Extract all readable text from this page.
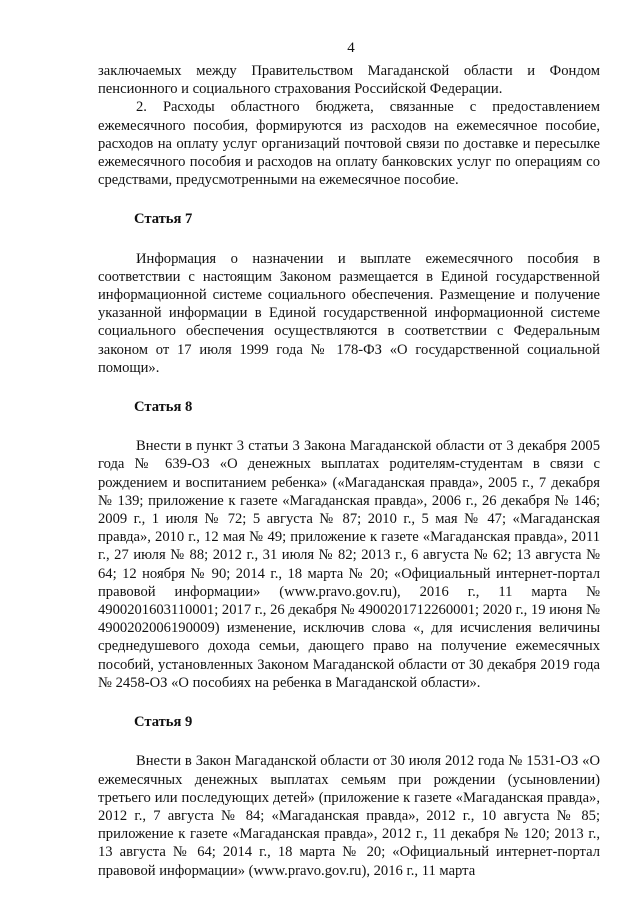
4

заключаемых между Правительством Магаданской области и Фондом пенсионного и социального страхования Российской Федерации.

2. Расходы областного бюджета, связанные с предоставлением ежемесячного пособия, формируются из расходов на ежемесячное пособие, расходов на оплату услуг организаций почтовой связи по доставке и пересылке ежемесячного пособия и расходов на оплату банковских услуг по операциям со средствами, предусмотренными на ежемесячное пособие.

Статья 7

Информация о назначении и выплате ежемесячного пособия в соответствии с настоящим Законом размещается в Единой государственной информационной системе социального обеспечения. Размещение и получение указанной информации в Единой государственной информационной системе социального обеспечения осуществляются в соответствии с Федеральным законом от 17 июля 1999 года № 178-ФЗ «О государственной социальной помощи».

Статья 8

Внести в пункт 3 статьи 3 Закона Магаданской области от 3 декабря 2005 года № 639-ОЗ «О денежных выплатах родителям-студентам в связи с рождением и воспитанием ребенка» («Магаданская правда», 2005 г., 7 декабря № 139; приложение к газете «Магаданская правда», 2006 г., 26 декабря № 146; 2009 г., 1 июля № 72; 5 августа № 87; 2010 г., 5 мая № 47; «Магаданская правда», 2010 г., 12 мая № 49; приложение к газете «Магаданская правда», 2011 г., 27 июля № 88; 2012 г., 31 июля № 82; 2013 г., 6 августа № 62; 13 августа № 64; 12 ноября № 90; 2014 г., 18 марта № 20; «Официальный интернет-портал правовой информации» (www.pravo.gov.ru), 2016 г., 11 марта № 4900201603110001; 2017 г., 26 декабря № 4900201712260001; 2020 г., 19 июня № 4900202006190009) изменение, исключив слова «, для исчисления величины среднедушевого дохода семьи, дающего право на получение ежемесячных пособий, установленных Законом Магаданской области от 30 декабря 2019 года № 2458-ОЗ «О пособиях на ребенка в Магаданской области».

Статья 9

Внести в Закон Магаданской области от 30 июля 2012 года № 1531-ОЗ «О ежемесячных денежных выплатах семьям при рождении (усыновлении) третьего или последующих детей» (приложение к газете «Магаданская правда», 2012 г., 7 августа № 84; «Магаданская правда», 2012 г., 10 августа № 85; приложение к газете «Магаданская правда», 2012 г., 11 декабря № 120; 2013 г., 13 августа № 64; 2014 г., 18 марта № 20; «Официальный интернет-портал правовой информации» (www.pravo.gov.ru), 2016 г., 11 марта
